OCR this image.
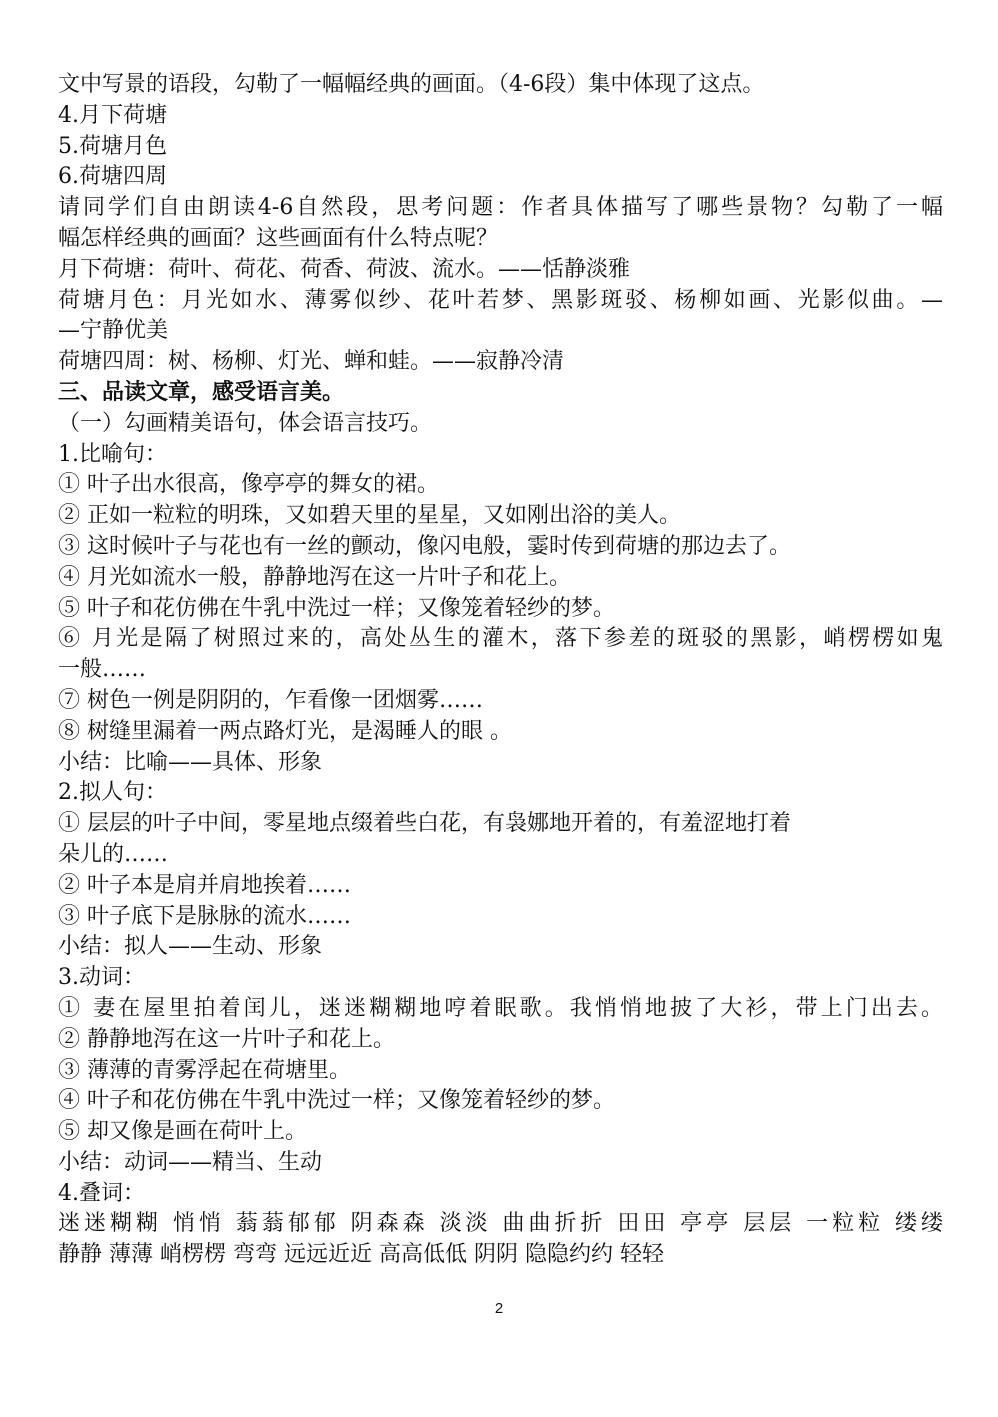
文中写景的语段，勾勒了一幅幅经典的画面。（4-6段）集中体现了这点。
4.月下荷塘
5.荷塘月色
6.荷塘四周
请同学们自由朗读4-6自然段，思考问题：作者具体描写了哪些景物？勾勒了一幅
幅怎样经典的画面？这些画面有什么特点呢？
月下荷塘：荷叶、荷花、荷香、荷波、流水。——恬静淡雅
荷塘月色：月光如水、薄雾似纱、花叶若梦、黑影斑驳、杨柳如画、光影似曲。—
—宁静优美
荷塘四周：树、杨柳、灯光、蝉和蛙。——寂静冷清
三、品读文章，感受语言美。
（一）勾画精美语句，体会语言技巧。
1.比喻句：
① 叶子出水很高，像亭亭的舞女的裙。
② 正如一粒粒的明珠，又如碧天里的星星，又如刚出浴的美人。
③ 这时候叶子与花也有一丝的颤动，像闪电般，霎时传到荷塘的那边去了。
④ 月光如流水一般，静静地泻在这一片叶子和花上。
⑤ 叶子和花仿佛在牛乳中洗过一样；又像笼着轻纱的梦。
⑥ 月光是隔了树照过来的，高处丛生的灌木，落下参差的斑驳的黑影，峭楞楞如鬼
一般……
⑦ 树色一例是阴阴的，乍看像一团烟雾……
⑧ 树缝里漏着一两点路灯光，是渴睡人的眼 。
小结：比喻——具体、形象
2.拟人句：
① 层层的叶子中间，零星地点缀着些白花，有袅娜地开着的，有羞涩地打着
朵儿的……
② 叶子本是肩并肩地挨着……
③ 叶子底下是脉脉的流水……
小结：拟人——生动、形象
3.动词：
① 妻在屋里拍着闰儿，迷迷糊糊地哼着眠歌。我悄悄地披了大衫，带上门出去。
② 静静地泻在这一片叶子和花上。
③ 薄薄的青雾浮起在荷塘里。
④ 叶子和花仿佛在牛乳中洗过一样；又像笼着轻纱的梦。
⑤ 却又像是画在荷叶上。
小结：动词——精当、生动
4.叠词：
迷迷糊糊 悄悄 蓊蓊郁郁 阴森森 淡淡 曲曲折折 田田 亭亭 层层 一粒粒 缕缕
静静 薄薄 峭楞楞 弯弯 远远近近 高高低低 阴阴 隐隐约约 轻轻
2
